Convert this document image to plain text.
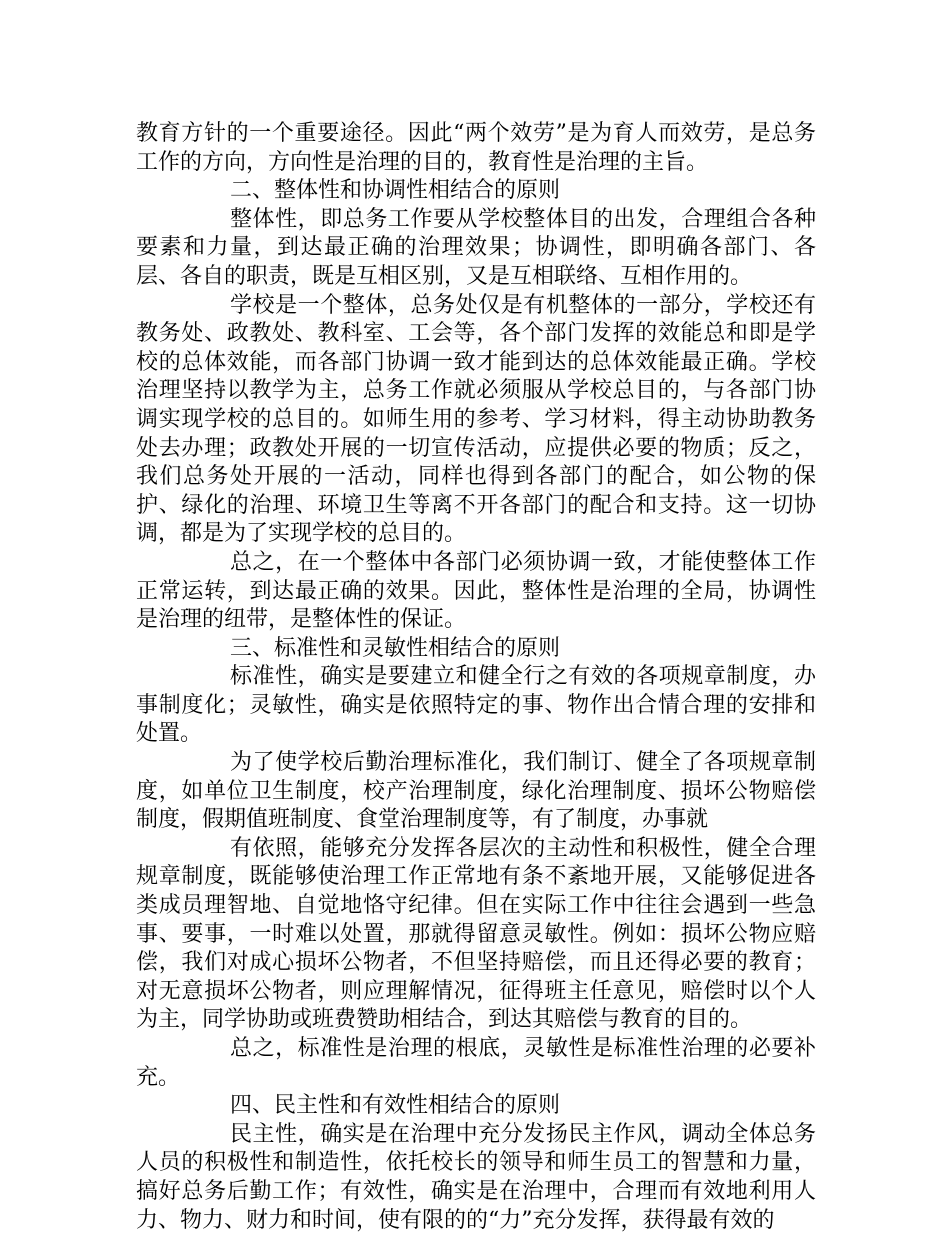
教育方针的一个重要途径。因此“两个效劳”是为育人而效劳，是总务工作的方向，方向性是治理的目的，教育性是治理的主旨。

二、整体性和协调性相结合的原则

整体性，即总务工作要从学校整体目的出发，合理组合各种要素和力量，到达最正确的治理效果；协调性，即明确各部门、各层、各自的职责，既是互相区别，又是互相联络、互相作用的。

学校是一个整体，总务处仅是有机整体的一部分，学校还有教务处、政教处、教科室、工会等，各个部门发挥的效能总和即是学校的总体效能，而各部门协调一致才能到达的总体效能最正确。学校治理坚持以教学为主，总务工作就必须服从学校总目的，与各部门协调实现学校的总目的。如师生用的参考、学习材料，得主动协助教务处去办理；政教处开展的一切宣传活动，应提供必要的物质；反之，我们总务处开展的一活动，同样也得到各部门的配合，如公物的保护、绿化的治理、环境卫生等离不开各部门的配合和支持。这一切协调，都是为了实现学校的总目的。

总之，在一个整体中各部门必须协调一致，才能使整体工作正常运转，到达最正确的效果。因此，整体性是治理的全局，协调性是治理的纽带，是整体性的保证。

三、标准性和灵敏性相结合的原则

标准性，确实是要建立和健全行之有效的各项规章制度，办事制度化；灵敏性，确实是依照特定的事、物作出合情合理的安排和处置。

为了使学校后勤治理标准化，我们制订、健全了各项规章制度，如单位卫生制度，校产治理制度，绿化治理制度、损坏公物赔偿制度，假期值班制度、食堂治理制度等，有了制度，办事就

有依照，能够充分发挥各层次的主动性和积极性，健全合理规章制度，既能够使治理工作正常地有条不紊地开展，又能够促进各类成员理智地、自觉地恪守纪律。但在实际工作中往往会遇到一些急事、要事，一时难以处置，那就得留意灵敏性。例如：损坏公物应赔偿，我们对成心损坏公物者，不但坚持赔偿，而且还得必要的教育；对无意损坏公物者，则应理解情况，征得班主任意见，赔偿时以个人为主，同学协助或班费赞助相结合，到达其赔偿与教育的目的。

总之，标准性是治理的根底，灵敏性是标准性治理的必要补充。

四、民主性和有效性相结合的原则

民主性，确实是在治理中充分发扬民主作风，调动全体总务人员的积极性和制造性，依托校长的领导和师生员工的智慧和力量，搞好总务后勤工作；有效性，确实是在治理中，合理而有效地利用人力、物力、财力和时间，使有限的的“力”充分发挥，获得最有效的
